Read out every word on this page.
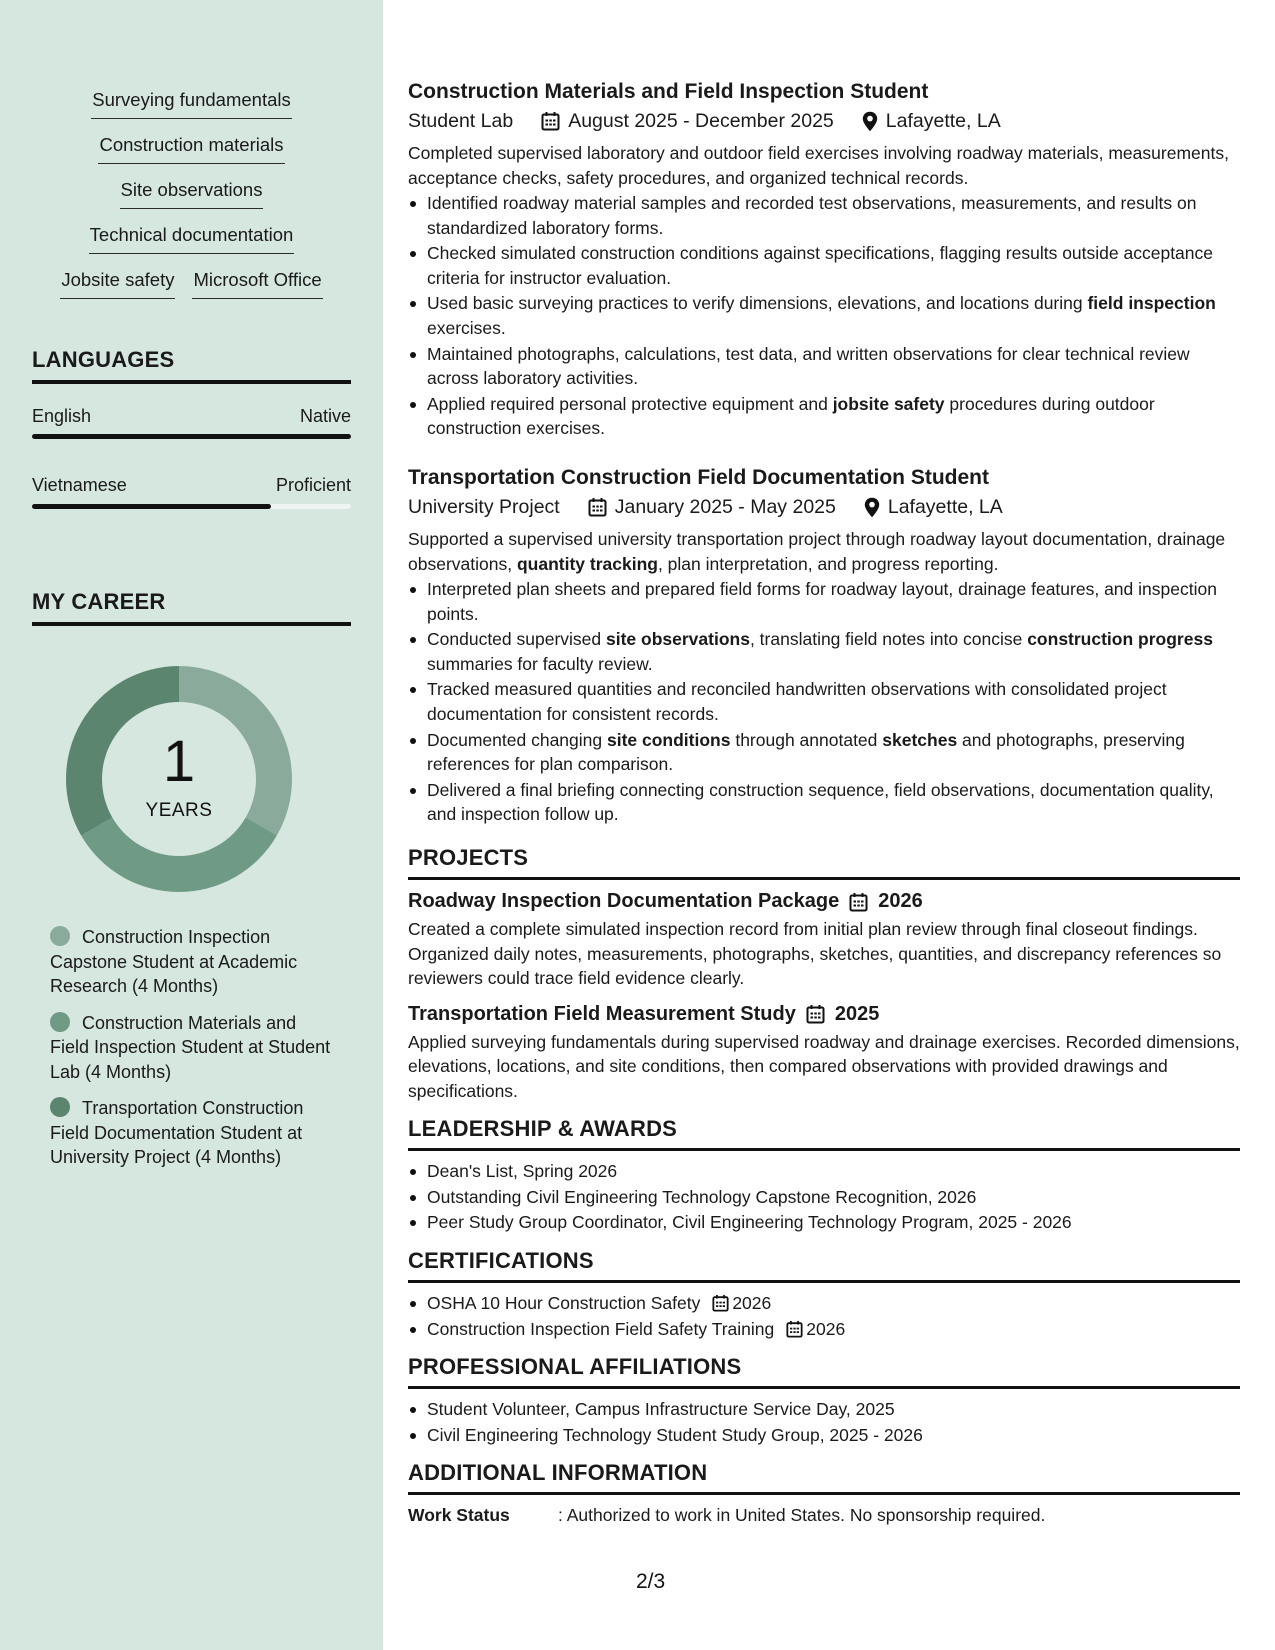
Surveying fundamentals
Construction materials
Site observations
Technical documentation
Jobsite safety Microsoft Office
LANGUAGES
English	Native
Vietnamese	Proficient
MY CAREER
1
YEARS
Construction Inspection Capstone Student at Academic Research (4 Months)
Construction Materials and Field Inspection Student at Student Lab (4 Months)
Transportation Construction Field Documentation Student at University Project (4 Months)
Construction Materials and Field Inspection Student
Student Lab	August 2025 - December 2025	Lafayette, LA

Completed supervised laboratory and outdoor field exercises involving roadway materials, measurements, acceptance checks, safety procedures, and organized technical records.

Identified roadway material samples and recorded test observations, measurements, and results on standardized laboratory forms.
Checked simulated construction conditions against specifications, flagging results outside acceptance criteria for instructor evaluation.
Used basic surveying practices to verify dimensions, elevations, and locations during field inspection exercises.
Maintained photographs, calculations, test data, and written observations for clear technical review across laboratory activities.
Applied required personal protective equipment and jobsite safety procedures during outdoor construction exercises.
Transportation Construction Field Documentation Student
University Project	January 2025 - May 2025	Lafayette, LA

Supported a supervised university transportation project through roadway layout documentation, drainage observations, quantity tracking, plan interpretation, and progress reporting.

Interpreted plan sheets and prepared field forms for roadway layout, drainage features, and inspection points.
Conducted supervised site observations, translating field notes into concise construction progress summaries for faculty review.
Tracked measured quantities and reconciled handwritten observations with consolidated project documentation for consistent records.
Documented changing site conditions through annotated sketches and photographs, preserving references for plan comparison.
Delivered a final briefing connecting construction sequence, field observations, documentation quality, and inspection follow up.
PROJECTS
Roadway Inspection Documentation Package 2026

Created a complete simulated inspection record from initial plan review through final closeout findings. Organized daily notes, measurements, photographs, sketches, quantities, and discrepancy references so reviewers could trace field evidence clearly.

Transportation Field Measurement Study 2025

Applied surveying fundamentals during supervised roadway and drainage exercises. Recorded dimensions, elevations, locations, and site conditions, then compared observations with provided drawings and specifications.

LEADERSHIP & AWARDS
Dean's List, Spring 2026
Outstanding Civil Engineering Technology Capstone Recognition, 2026
Peer Study Group Coordinator, Civil Engineering Technology Program, 2025 - 2026
CERTIFICATIONS
OSHA 10 Hour Construction Safety 2026
Construction Inspection Field Safety Training 2026
PROFESSIONAL AFFILIATIONS
Student Volunteer, Campus Infrastructure Service Day, 2025
Civil Engineering Technology Student Study Group, 2025 - 2026
ADDITIONAL INFORMATION
Work Status	: Authorized to work in United States. No sponsorship required.
2/3
